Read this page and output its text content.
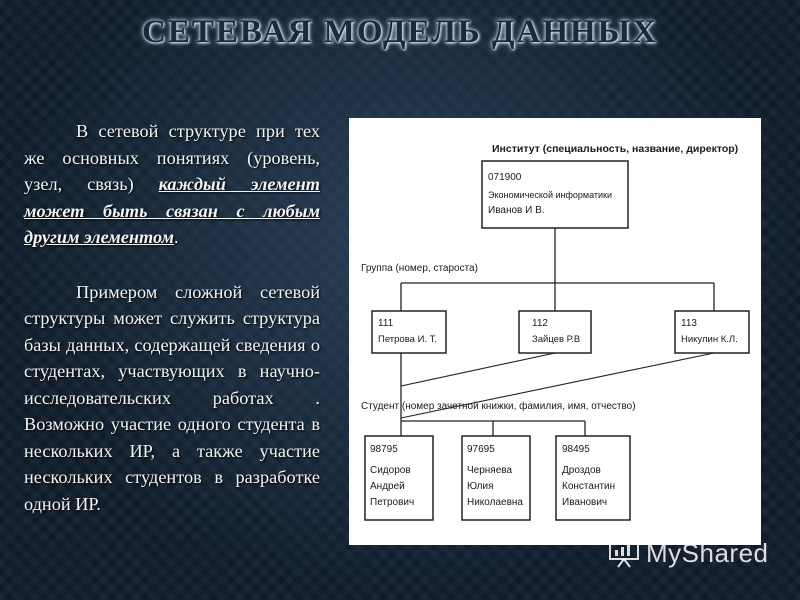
СЕТЕВАЯ МОДЕЛЬ ДАННЫХ

В сетевой структуре при тех же основных понятиях (уровень, узел, связь) каждый элемент может быть связан с любым другим элементом.

Примером сложной сетевой структуры может служить структура базы данных, содержащей сведения о студентах, участвующих в научно-исследовательских работах . Возможно участие одного студента в нескольких ИР, а также участие нескольких студентов в разработке одной ИР.

Институт (специальность, название, директор)
071900
Экономической информатики
Иванов И В.
Группа (номер, староста)
111
Петрова И. Т.
112
Зайцев Р.В
113
Никулин К.Л.
Студент (номер зачетной книжки, фамилия, имя, отчество)
98795
Сидоров
Андрей
Петрович
97695
Черняева
Юлия
Николаевна
98495
Дроздов
Константин
Иванович
MyShared
